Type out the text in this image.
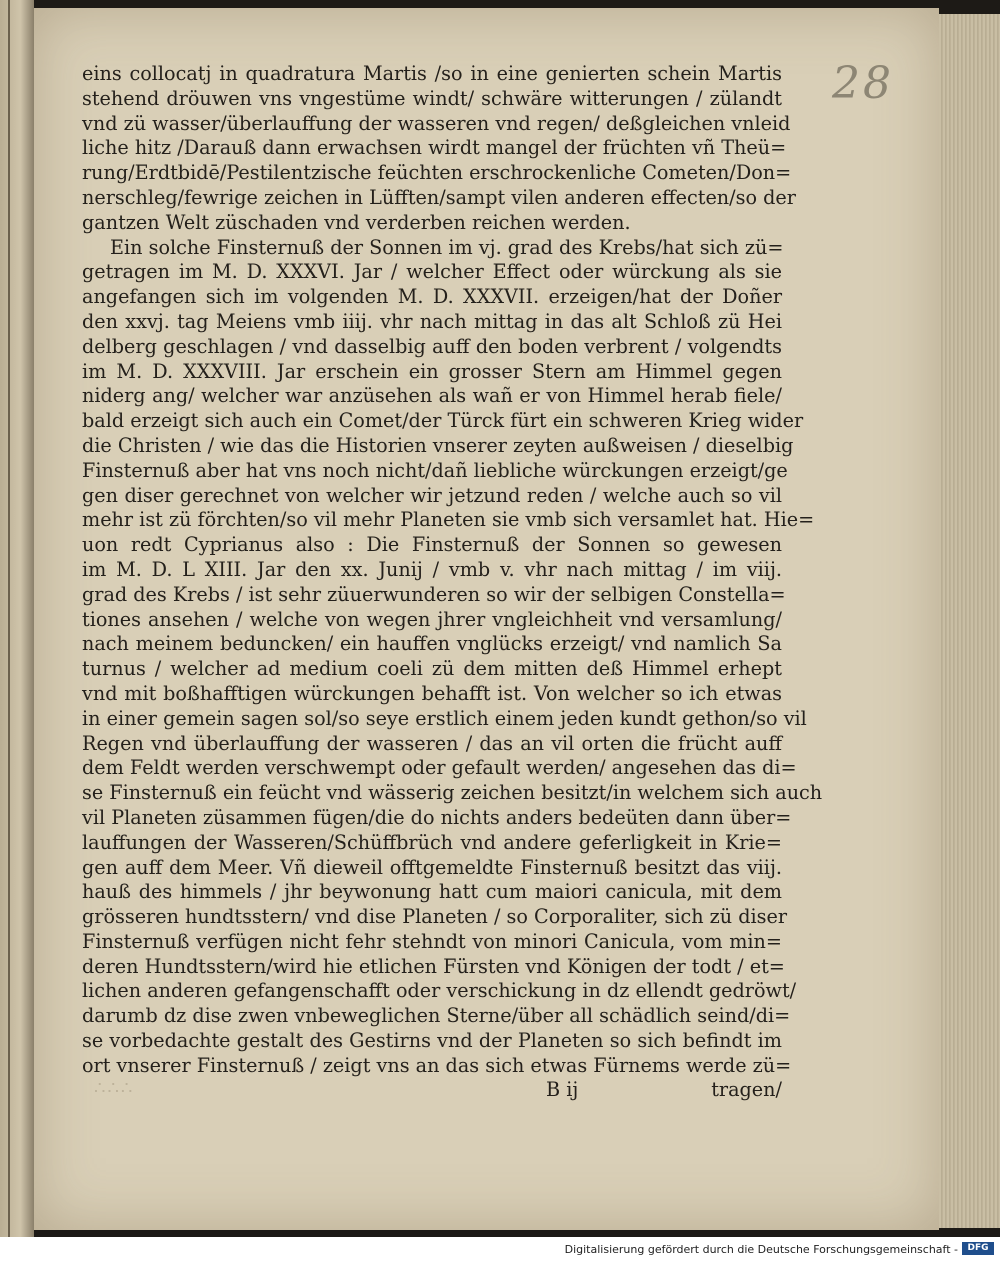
28
eins collocatj in quadratura Martis /so in eine genierten schein Martis
stehend dröuwen vns vngestüme windt/ schwäre witterungen / zülandt
vnd zü wasser/überlauffung der wasseren vnd regen/ deßgleichen vnleid
liche hitz /Darauß dann erwachsen wirdt mangel der früchten vñ Theü=
rung/Erdtbidē/Pestilentzische feüchten erschrockenliche Cometen/Don=
nerschleg/fewrige zeichen in Lüfften/sampt vilen anderen effecten/so der
gantzen Welt züschaden vnd verderben reichen werden.
Ein solche Finsternuß der Sonnen im vj. grad des Krebs/hat sich zü=
getragen im M. D. XXXVI. Jar / welcher Effect oder würckung als sie
angefangen sich im volgenden M. D. XXXVII. erzeigen/hat der Doñer
den xxvj. tag Meiens vmb iiij. vhr nach mittag in das alt Schloß zü Hei
delberg geschlagen / vnd dasselbig auff den boden verbrent / volgendts
im M. D. XXXVIII. Jar erschein ein grosser Stern am Himmel gegen
niderg ang/ welcher war anzüsehen als wañ er von Himmel herab fiele/
bald erzeigt sich auch ein Comet/der Türck fürt ein schweren Krieg wider
die Christen / wie das die Historien vnserer zeyten außweisen / dieselbig
Finsternuß aber hat vns noch nicht/dañ liebliche würckungen erzeigt/ge
gen diser gerechnet von welcher wir jetzund reden / welche auch so vil
mehr ist zü förchten/so vil mehr Planeten sie vmb sich versamlet hat. Hie=
uon redt Cyprianus also : Die Finsternuß der Sonnen so gewesen
im M. D. L XIII. Jar den xx. Junij / vmb v. vhr nach mittag / im viij.
grad des Krebs / ist sehr züuerwunderen so wir der selbigen Constella=
tiones ansehen / welche von wegen jhrer vngleichheit vnd versamlung/
nach meinem beduncken/ ein hauffen vnglücks erzeigt/ vnd namlich Sa
turnus / welcher ad medium coeli zü dem mitten deß Himmel erhept
vnd mit boßhafftigen würckungen behafft ist. Von welcher so ich etwas
in einer gemein sagen sol/so seye erstlich einem jeden kundt gethon/so vil
Regen vnd überlauffung der wasseren / das an vil orten die frücht auff
dem Feldt werden verschwempt oder gefault werden/ angesehen das di=
se Finsternuß ein feücht vnd wässerig zeichen besitzt/in welchem sich auch
vil Planeten züsammen fügen/die do nichts anders bedeüten dann über=
lauffungen der Wasseren/Schüffbrüch vnd andere geferligkeit in Krie=
gen auff dem Meer. Vñ dieweil offtgemeldte Finsternuß besitzt das viij.
hauß des himmels / jhr beywonung hatt cum maiori canicula, mit dem
grösseren hundtsstern/ vnd dise Planeten / so Corporaliter, sich zü diser
Finsternuß verfügen nicht fehr stehndt von minori Canicula, vom min=
deren Hundtsstern/wird hie etlichen Fürsten vnd Königen der todt / et=
lichen anderen gefangenschafft oder verschickung in dz ellendt gedröwt/
darumb dz dise zwen vnbeweglichen Sterne/über all schädlich seind/di=
se vorbedachte gestalt des Gestirns vnd der Planeten so sich befindt im
ort vnserer Finsternuß / zeigt vns an das sich etwas Fürnems werde zü=
∴∴∴	B ij	tragen/
Digitalisierung gefördert durch die Deutsche Forschungsgemeinschaft -	DFG
